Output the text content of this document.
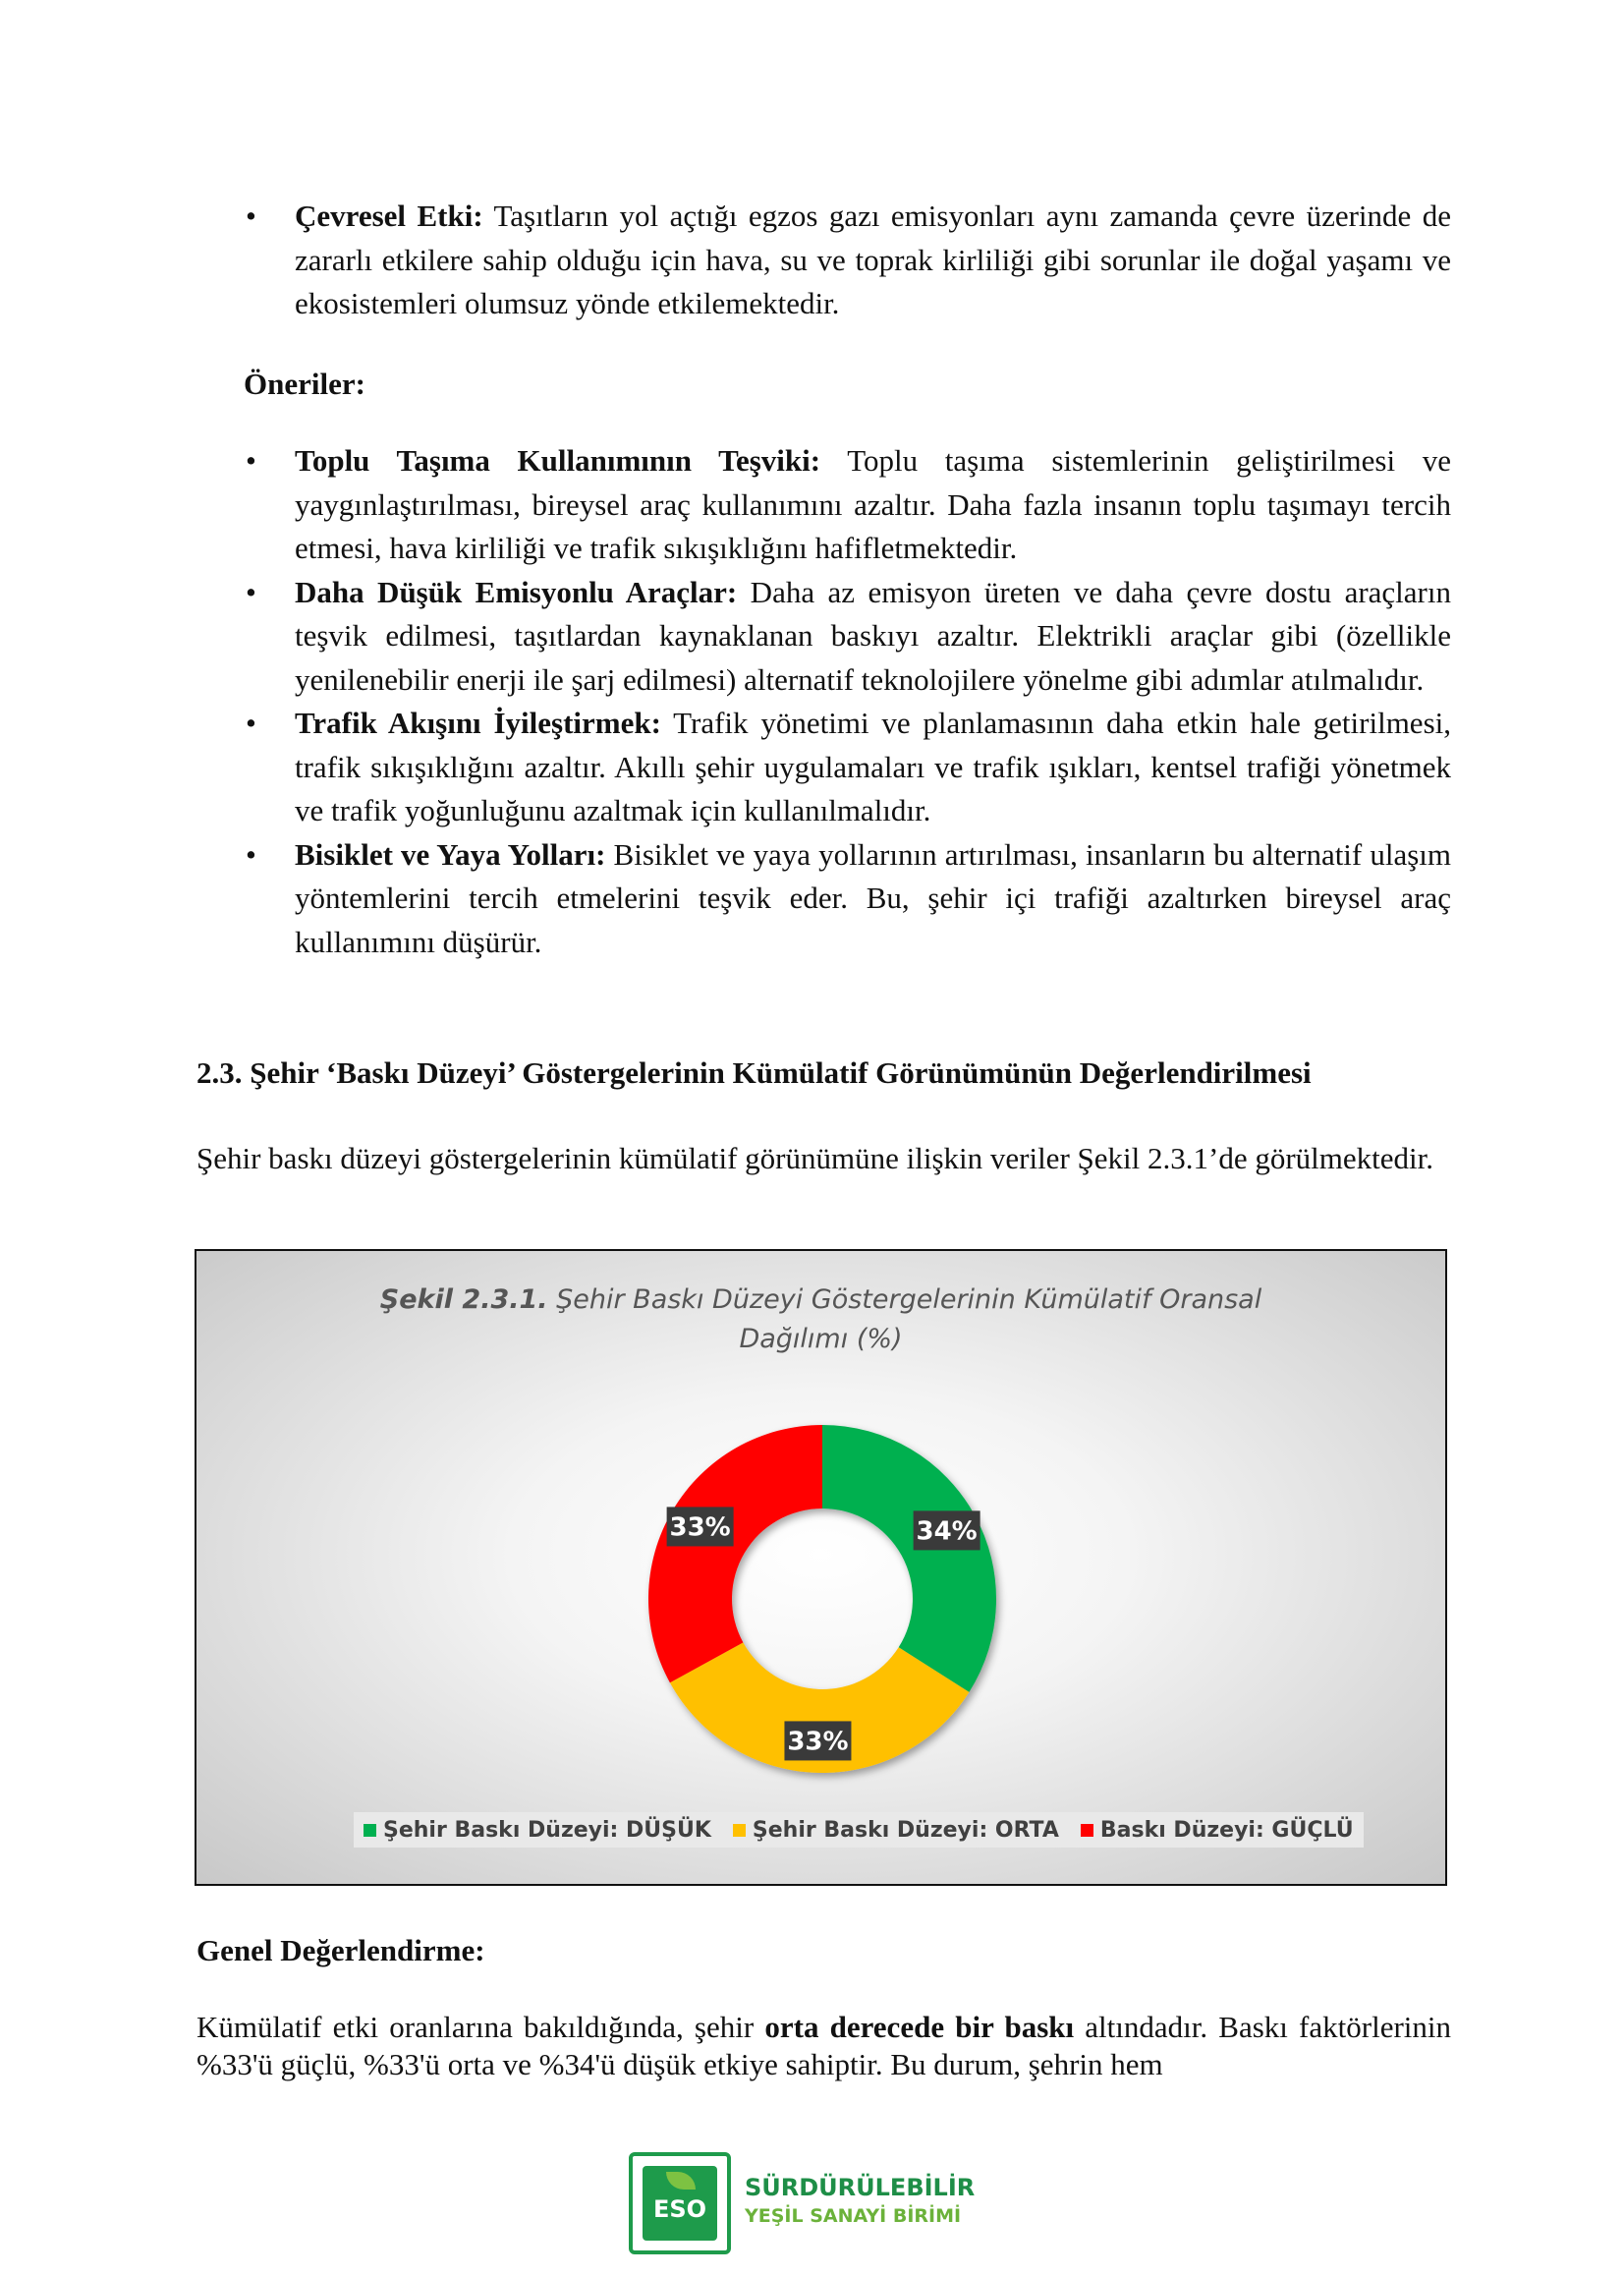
• Çevresel Etki: Taşıtların yol açtığı egzos gazı emisyonları aynı zamanda çevre üzerinde de zararlı etkilere sahip olduğu için hava, su ve toprak kirliliği gibi sorunlar ile doğal yaşamı ve ekosistemleri olumsuz yönde etkilemektedir.
Öneriler:
• Toplu Taşıma Kullanımının Teşviki: Toplu taşıma sistemlerinin geliştirilmesi ve yaygınlaştırılması, bireysel araç kullanımını azaltır. Daha fazla insanın toplu taşımayı tercih etmesi, hava kirliliği ve trafik sıkışıklığını hafifletmektedir.
• Daha Düşük Emisyonlu Araçlar: Daha az emisyon üreten ve daha çevre dostu araçların teşvik edilmesi, taşıtlardan kaynaklanan baskıyı azaltır. Elektrikli araçlar gibi (özellikle yenilenebilir enerji ile şarj edilmesi) alternatif teknolojilere yönelme gibi adımlar atılmalıdır.
• Trafik Akışını İyileştirmek: Trafik yönetimi ve planlamasının daha etkin hale getirilmesi, trafik sıkışıklığını azaltır. Akıllı şehir uygulamaları ve trafik ışıkları, kentsel trafiği yönetmek ve trafik yoğunluğunu azaltmak için kullanılmalıdır.
• Bisiklet ve Yaya Yolları: Bisiklet ve yaya yollarının artırılması, insanların bu alternatif ulaşım yöntemlerini tercih etmelerini teşvik eder. Bu, şehir içi trafiği azaltırken bireysel araç kullanımını düşürür.
2.3. Şehir ‘Baskı Düzeyi’ Göstergelerinin Kümülatif Görünümünün Değerlendirilmesi
Şehir baskı düzeyi göstergelerinin kümülatif görünümüne ilişkin veriler Şekil 2.3.1’de görülmektedir.
Şekil 2.3.1. Şehir Baskı Düzeyi Göstergelerinin Kümülatif Oransal
Dağılımı (%)
34%
33%
33%
Şehir Baskı Düzeyi: DÜŞÜK Şehir Baskı Düzeyi: ORTA Baskı Düzeyi: GÜÇLÜ
Genel Değerlendirme:
Kümülatif etki oranlarına bakıldığında, şehir orta derecede bir baskı altındadır. Baskı faktörlerinin %33'ü güçlü, %33'ü orta ve %34'ü düşük etkiye sahiptir. Bu durum, şehrin hem
ESO
SÜRDÜRÜLEBİLİR
YEŞİL SANAYİ BİRİMİ
